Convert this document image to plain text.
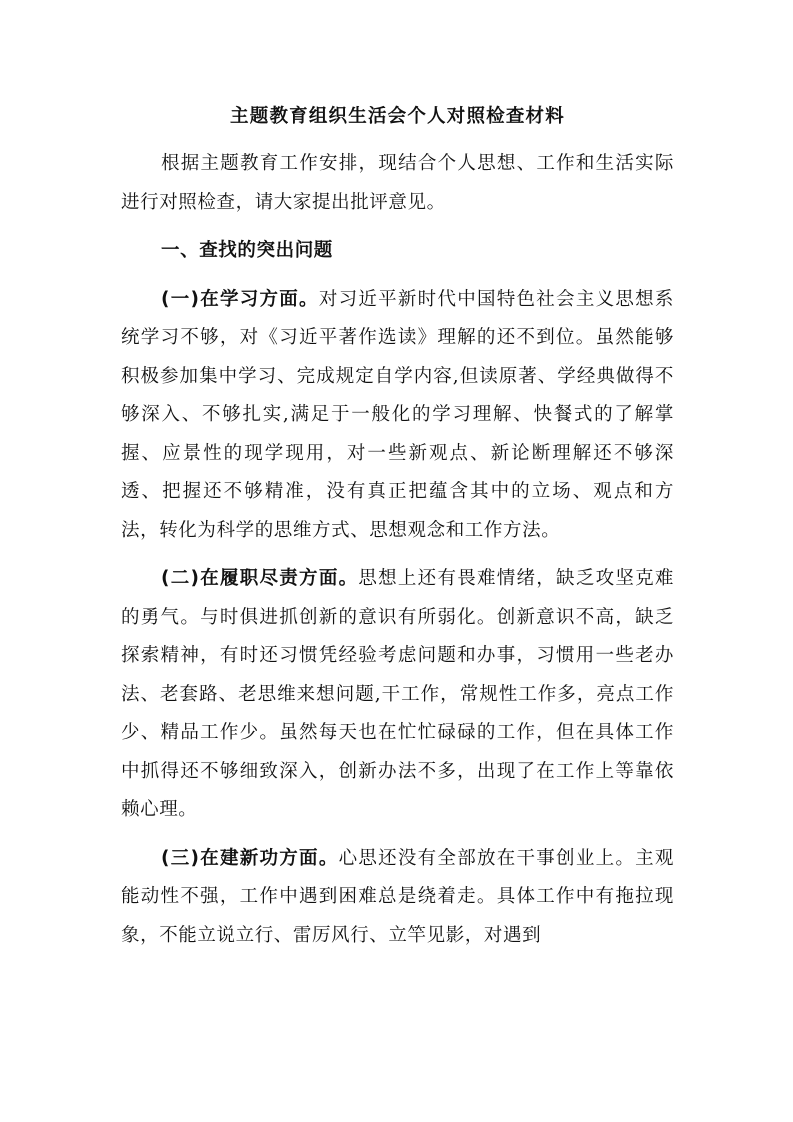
主题教育组织生活会个人对照检查材料

根据主题教育工作安排，现结合个人思想、工作和生活实际进行对照检查，请大家提出批评意见。

一、查找的突出问题

(一)在学习方面。对习近平新时代中国特色社会主义思想系统学习不够，对《习近平著作选读》理解的还不到位。虽然能够积极参加集中学习、完成规定自学内容,但读原著、学经典做得不够深入、不够扎实,满足于一般化的学习理解、快餐式的了解掌握、应景性的现学现用，对一些新观点、新论断理解还不够深透、把握还不够精准，没有真正把蕴含其中的立场、观点和方法，转化为科学的思维方式、思想观念和工作方法。

(二)在履职尽责方面。思想上还有畏难情绪，缺乏攻坚克难的勇气。与时俱进抓创新的意识有所弱化。创新意识不高，缺乏探索精神，有时还习惯凭经验考虑问题和办事，习惯用一些老办法、老套路、老思维来想问题,干工作，常规性工作多，亮点工作少、精品工作少。虽然每天也在忙忙碌碌的工作，但在具体工作中抓得还不够细致深入，创新办法不多，出现了在工作上等靠依赖心理。

(三)在建新功方面。心思还没有全部放在干事创业上。主观能动性不强，工作中遇到困难总是绕着走。具体工作中有拖拉现象，不能立说立行、雷厉风行、立竿见影，对遇到
